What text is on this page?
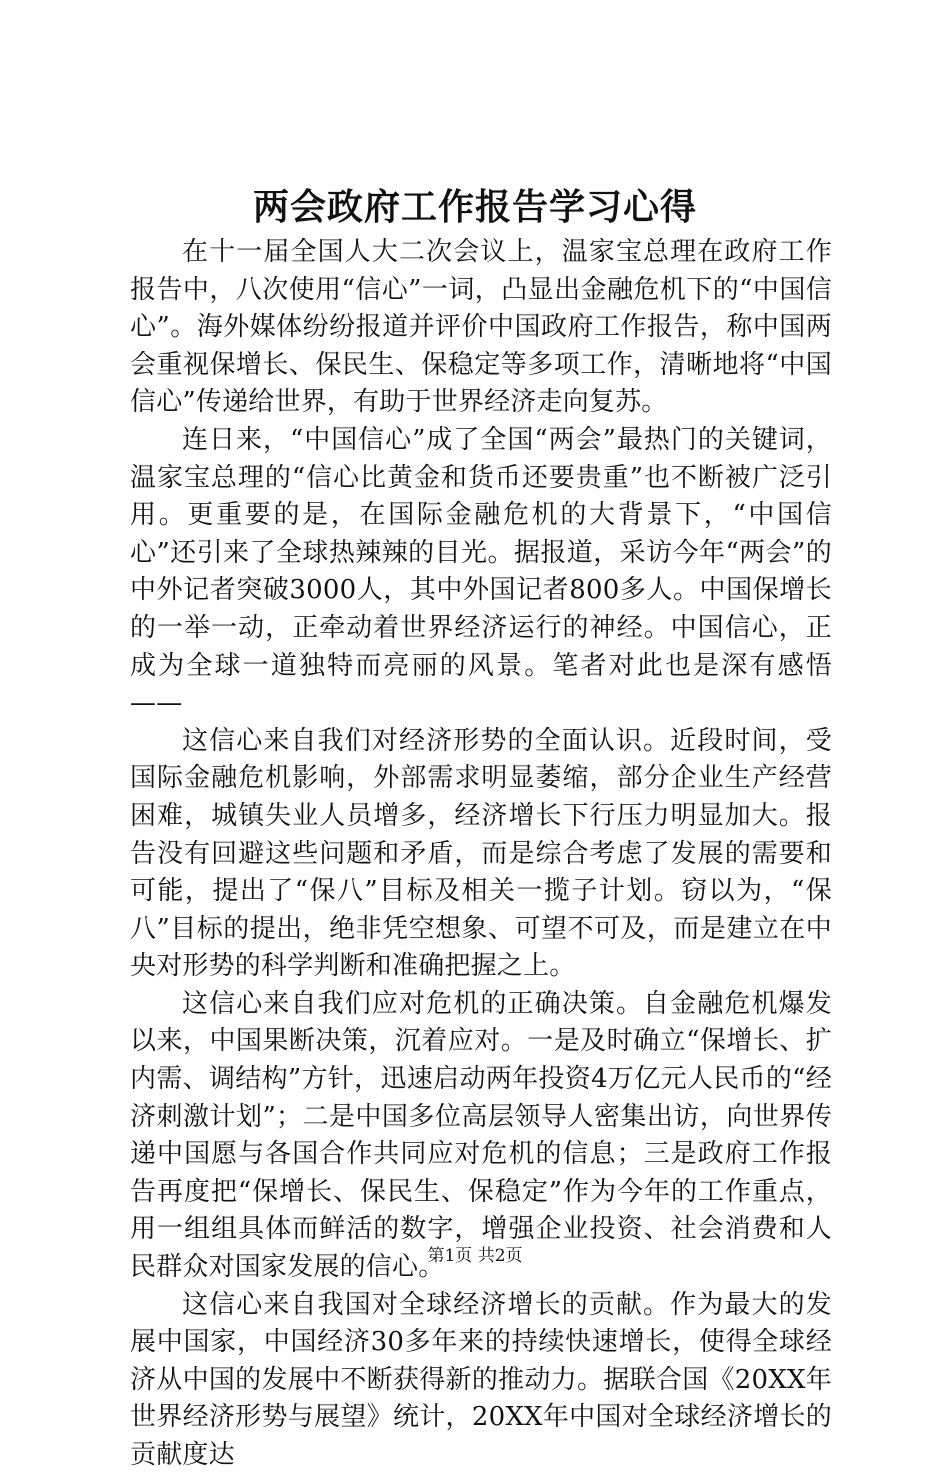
两会政府工作报告学习心得

在十一届全国人大二次会议上，温家宝总理在政府工作报告中，八次使用“信心”一词，凸显出金融危机下的“中国信心”。海外媒体纷纷报道并评价中国政府工作报告，称中国两会重视保增长、保民生、保稳定等多项工作，清晰地将“中国信心”传递给世界，有助于世界经济走向复苏。

连日来，“中国信心”成了全国“两会”最热门的关键词，温家宝总理的“信心比黄金和货币还要贵重”也不断被广泛引用。更重要的是，在国际金融危机的大背景下，“中国信心”还引来了全球热辣辣的目光。据报道，采访今年“两会”的中外记者突破3000人，其中外国记者800多人。中国保增长的一举一动，正牵动着世界经济运行的神经。中国信心，正成为全球一道独特而亮丽的风景。笔者对此也是深有感悟——

这信心来自我们对经济形势的全面认识。近段时间，受国际金融危机影响，外部需求明显萎缩，部分企业生产经营困难，城镇失业人员增多，经济增长下行压力明显加大。报告没有回避这些问题和矛盾，而是综合考虑了发展的需要和可能，提出了“保八”目标及相关一揽子计划。窃以为，“保八”目标的提出，绝非凭空想象、可望不可及，而是建立在中央对形势的科学判断和准确把握之上。

这信心来自我们应对危机的正确决策。自金融危机爆发以来，中国果断决策，沉着应对。一是及时确立“保增长、扩内需、调结构”方针，迅速启动两年投资4万亿元人民币的“经济刺激计划”；二是中国多位高层领导人密集出访，向世界传递中国愿与各国合作共同应对危机的信息；三是政府工作报告再度把“保增长、保民生、保稳定”作为今年的工作重点，用一组组具体而鲜活的数字，增强企业投资、社会消费和人民群众对国家发展的信心。

这信心来自我国对全球经济增长的贡献。作为最大的发展中国家，中国经济30多年来的持续快速增长，使得全球经济从中国的发展中不断获得新的推动力。据联合国《20XX年世界经济形势与展望》统计，20XX年中国对全球经济增长的贡献度达

第1页 共2页
